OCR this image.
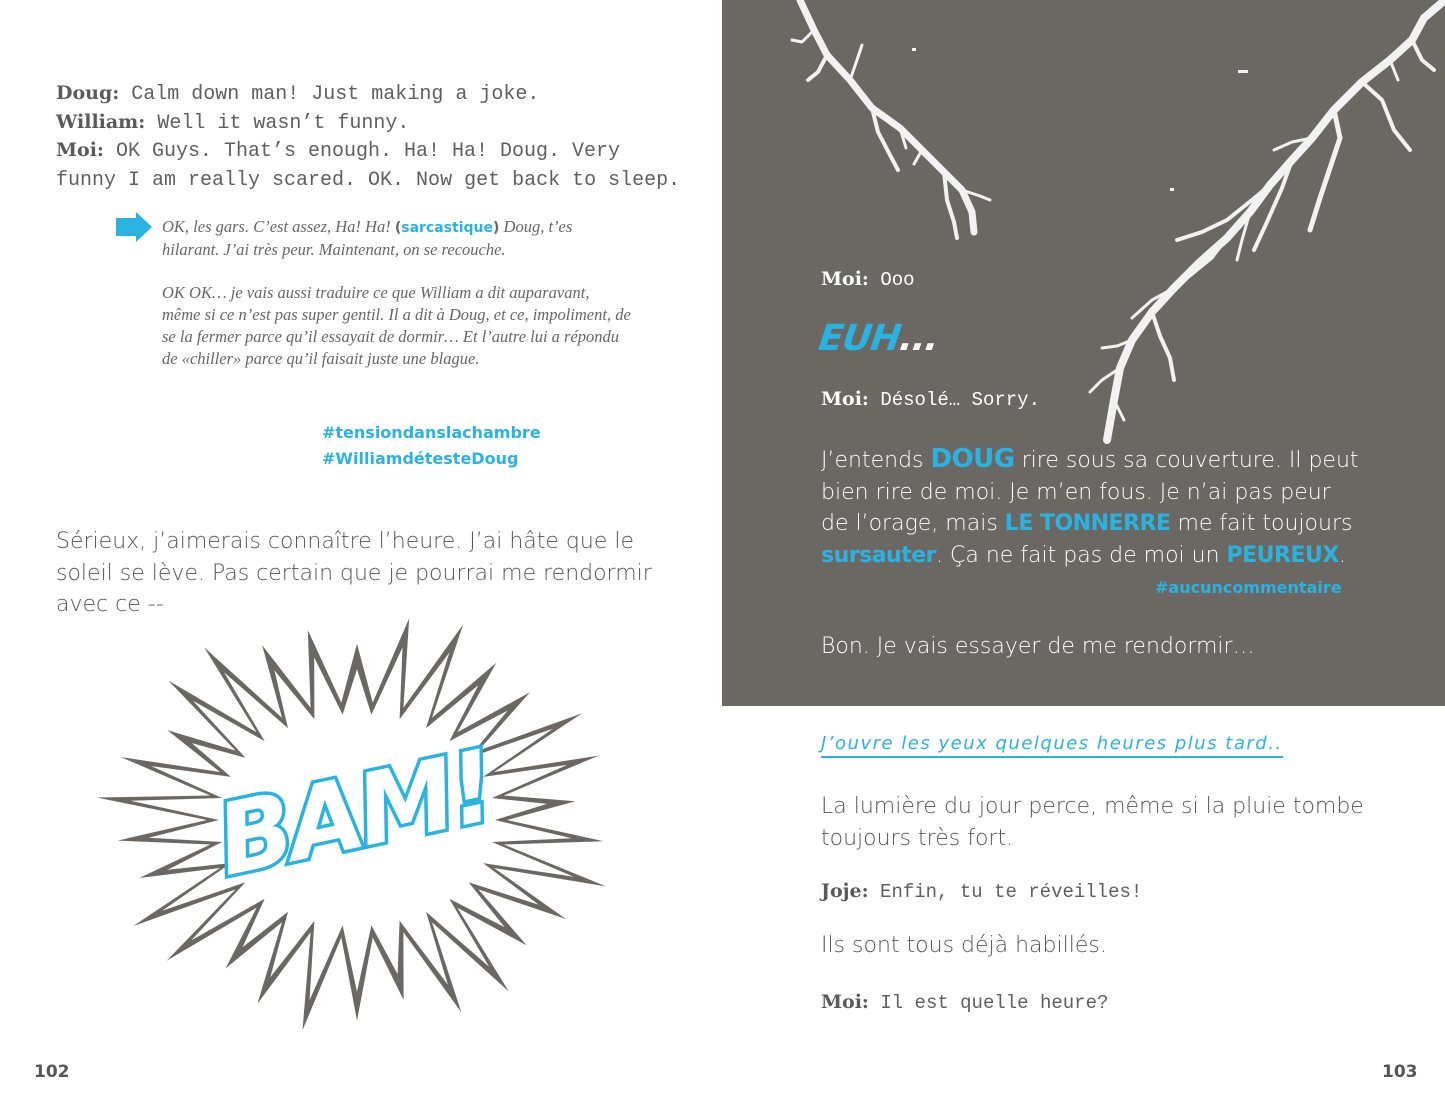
Doug: Calm down man! Just making a joke.
William: Well it wasn’t funny.
Moi: OK Guys. That’s enough. Ha! Ha! Doug. Very
funny I am really scared. OK. Now get back to sleep.

OK, les gars. C’est assez, Ha! Ha! (sarcastique) Doug, t’es hilarant. J’ai très peur. Maintenant, on se recouche.

OK OK… je vais aussi traduire ce que William a dit auparavant, même si ce n’est pas super gentil. Il a dit à Doug, et ce, impoliment, de se la fermer parce qu’il essayait de dormir… Et l’autre lui a répondu de «chiller» parce qu’il faisait juste une blague.

#tensiondanslachambre
#WilliamdétesteDoug
Sérieux, j’aimerais connaître l’heure. J’ai hâte que le
soleil se lève. Pas certain que je pourrai me rendormir
avec ce --
BAM!
102
Moi: Ooo
EUH...
Moi: Désolé… Sorry.
J’entends DOUG rire sous sa couverture. Il peut
bien rire de moi. Je m’en fous. Je n’ai pas peur
de l’orage, mais LE TONNERRE me fait toujours
sursauter. Ça ne fait pas de moi un PEUREUX.
#aucuncommentaire
Bon. Je vais essayer de me rendormir…
J’ouvre les yeux quelques heures plus tard..
La lumière du jour perce, même si la pluie tombe
toujours très fort.
Joje: Enfin, tu te réveilles!
Ils sont tous déjà habillés.
Moi: Il est quelle heure?
103
